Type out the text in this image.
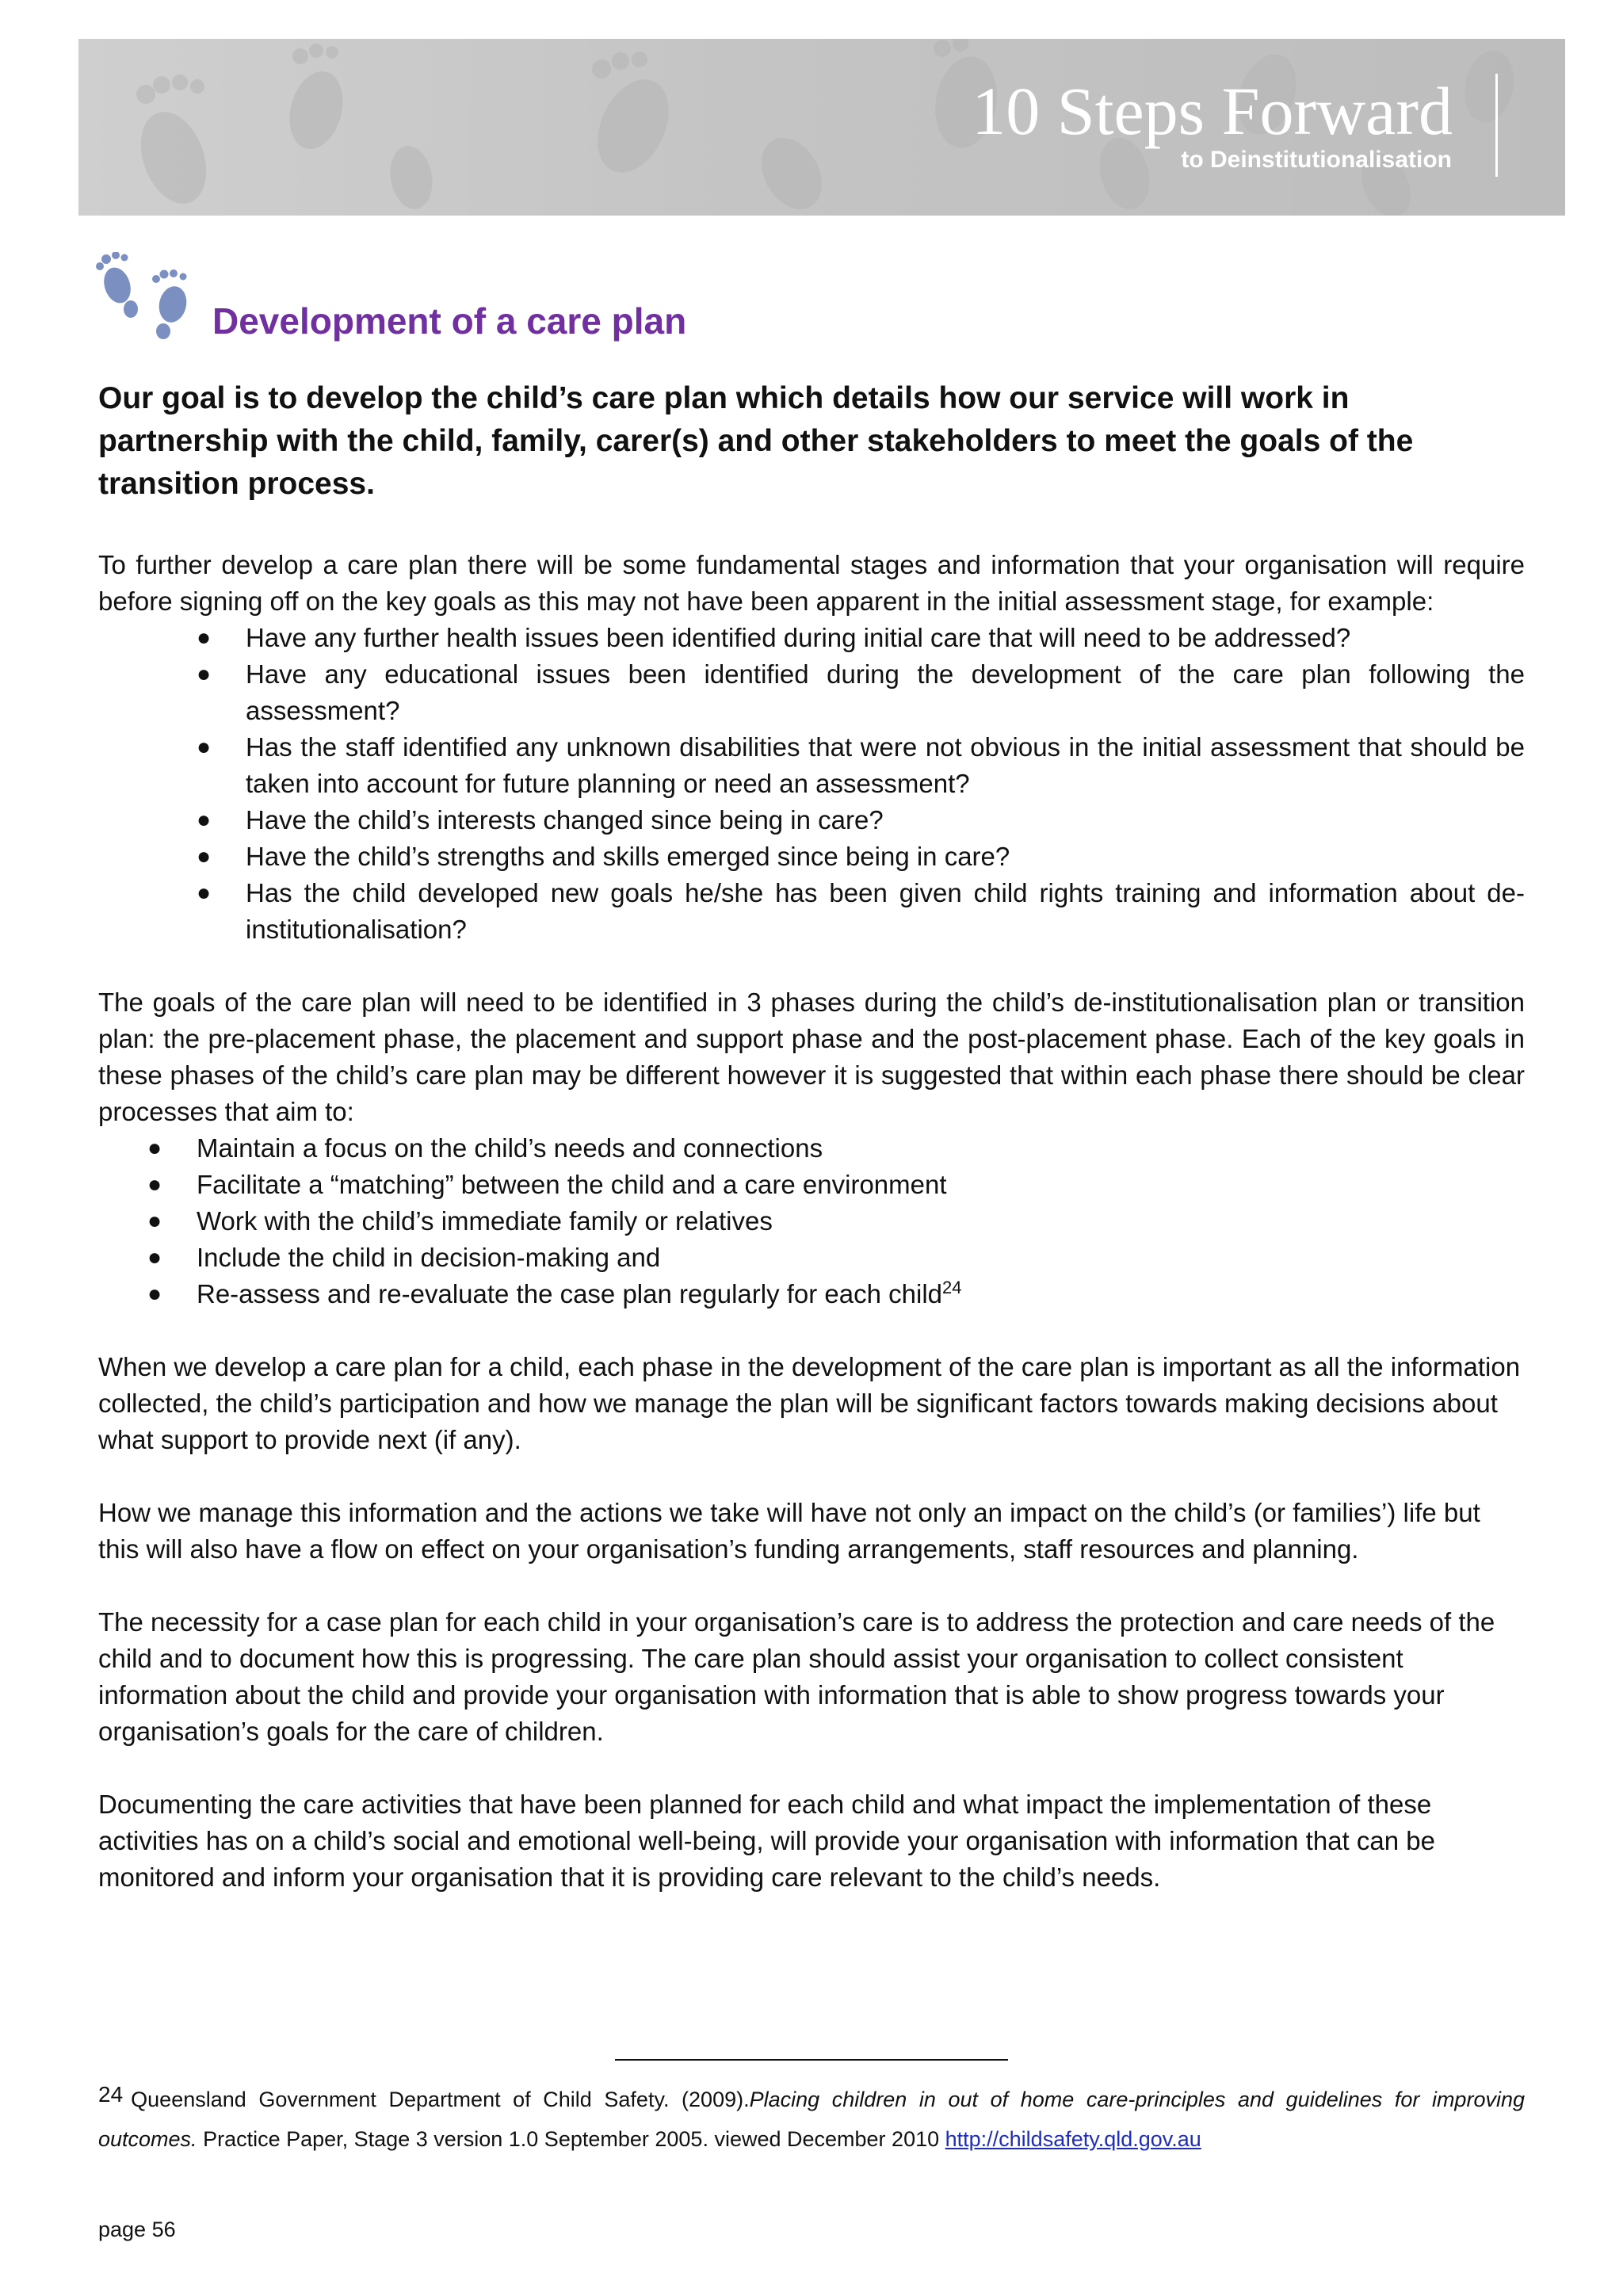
10 Steps Forward

to Deinstitutionalisation

Development of a care plan

Our goal is to develop the child’s care plan which details how our service will work in partnership with the child, family, carer(s) and other stakeholders to meet the goals of the transition process.

To further develop a care plan there will be some fundamental stages and information that your organisation will require before signing off on the key goals as this may not have been apparent in the initial assessment stage, for example:

● Have any further health issues been identified during initial care that will need to be addressed?
● Have any educational issues been identified during the development of the care plan following the assessment?
● Has the staff identified any unknown disabilities that were not obvious in the initial assessment that should be taken into account for future planning or need an assessment?
● Have the child’s interests changed since being in care?
● Have the child’s strengths and skills emerged since being in care?
● Has the child developed new goals he/she has been given child rights training and information about de-institutionalisation?

The goals of the care plan will need to be identified in 3 phases during the child’s de-institutionalisation plan or transition plan: the pre-placement phase, the placement and support phase and the post-placement phase. Each of the key goals in these phases of the child’s care plan may be different however it is suggested that within each phase there should be clear processes that aim to:

● Maintain a focus on the child’s needs and connections
● Facilitate a “matching” between the child and a care environment
● Work with the child’s immediate family or relatives
● Include the child in decision-making and
● Re-assess and re-evaluate the case plan regularly for each child$^{24}$

When we develop a care plan for a child, each phase in the development of the care plan is important as all the information collected, the child’s participation and how we manage the plan will be significant factors towards making decisions about what support to provide next (if any).

How we manage this information and the actions we take will have not only an impact on the child’s (or families’) life but this will also have a flow on effect on your organisation’s funding arrangements, staff resources and planning.

The necessity for a case plan for each child in your organisation’s care is to address the protection and care needs of the child and to document how this is progressing. The care plan should assist your organisation to collect consistent information about the child and provide your organisation with information that is able to show progress towards your organisation’s goals for the care of children.

Documenting the care activities that have been planned for each child and what impact the implementation of these activities has on a child’s social and emotional well-being, will provide your organisation with information that can be monitored and inform your organisation that it is providing care relevant to the child’s needs.

24 Queensland Government Department of Child Safety. (2009).Placing children in out of home care-principles and guidelines for improving outcomes. Practice Paper, Stage 3 version 1.0 September 2005. viewed December 2010 http://childsafety.qld.gov.au

page 56
